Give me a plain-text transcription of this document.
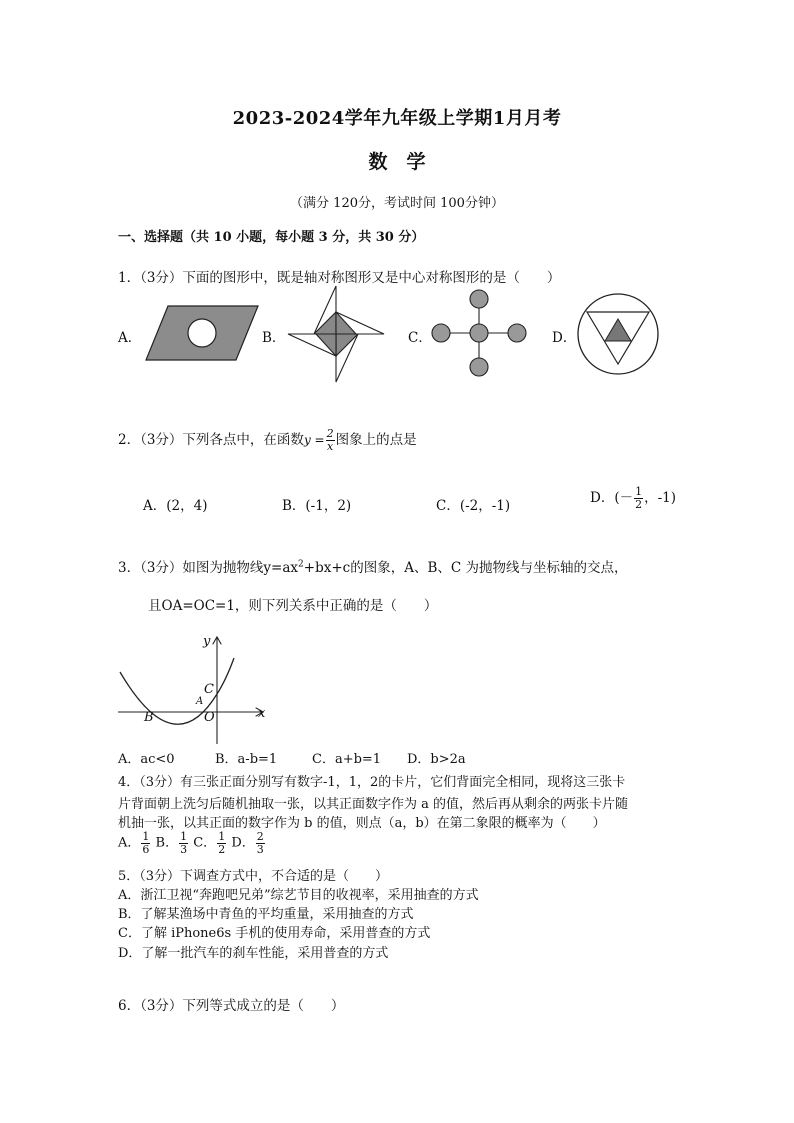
2023-2024学年九年级上学期1月月考
数　学
（满分 120分，考试时间 100分钟）
一、选择题（共 10 小题，每小题 3 分，共 30 分）
1．（3分）下面的图形中，既是轴对称图形又是中心对称图形的是（　　）
A．	B．	C．	D．
2．（3分）下列各点中，在函数$y = \frac{2}{x}$ 图象上的点是
A．(2，4)	B．(-1，2)	C．(-2，-1)	D．(－ $\frac{1}{2}$ ，-1)
3．（3分）如图为抛物线$y=ax^2+bx+c$的图象，A、B、C 为抛物线与坐标轴的交点，
且OA=OC=1，则下列关系中正确的是（　　）
y
x
C
A
O
B
A．ac<0	B．a-b=1	C．a+b=1 D．b>2a
4．（3分）有三张正面分别写有数字-1，1，2的卡片，它们背面完全相同，现将这三张卡
片背面朝上洗匀后随机抽取一张，以其正面数字作为 a 的值，然后再从剩余的两张卡片随
机抽一张，以其正面的数字作为 b 的值，则点（a，b）在第二象限的概率为（　　）
A． $\frac{1}{6}$ B． $\frac{1}{3}$ C． $\frac{1}{2}$ D． $\frac{2}{3}$
5．（3分）下调查方式中，不合适的是（　　）
A．浙江卫视“奔跑吧兄弟”综艺节目的收视率，采用抽查的方式
B．了解某渔场中青鱼的平均重量，采用抽查的方式
C．了解 iPhone6s 手机的使用寿命，采用普查的方式
D．了解一批汽车的刹车性能，采用普查的方式
6．（3分）下列等式成立的是（　　）
